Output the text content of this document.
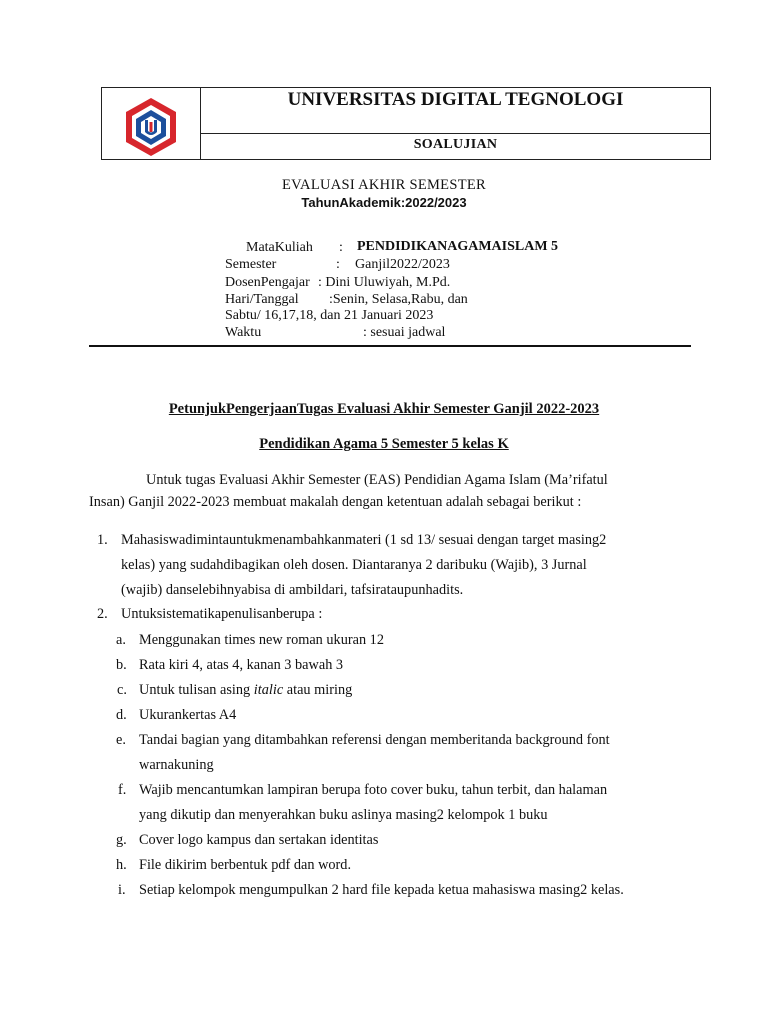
UNIVERSITAS DIGITAL TEGNOLOGI
SOALUJIAN
EVALUASI AKHIR SEMESTER
TahunAkademik:2022/2023
MataKuliah : PENDIDIKANAGAMAISLAM 5
Semester	: Ganjil2022/2023
DosenPengajar : Dini Uluwiyah, M.Pd.
Hari/Tanggal :Senin, Selasa,Rabu, dan
Sabtu/ 16,17,18, dan 21 Januari 2023
Waktu	: sesuai jadwal
PetunjukPengerjaanTugas Evaluasi Akhir Semester Ganjil 2022-2023
Pendidikan Agama 5 Semester 5 kelas K
Untuk tugas Evaluasi Akhir Semester (EAS) Pendidian Agama Islam (Ma’rifatul
Insan) Ganjil 2022-2023 membuat makalah dengan ketentuan adalah sebagai berikut :
1. Mahasiswadimintauntukmenambahkanmateri (1 sd 13/ sesuai dengan target masing2
kelas) yang sudahdibagikan oleh dosen. Diantaranya 2 daribuku (Wajib), 3 Jurnal
(wajib) danselebihnyabisa di ambildari, tafsirataupunhadits.
2. Untuksistematikapenulisanberupa :
a. Menggunakan times new roman ukuran 12
b. Rata kiri 4, atas 4, kanan 3 bawah 3
c. Untuk tulisan asing italic atau miring
d. Ukurankertas A4
e. Tandai bagian yang ditambahkan referensi dengan memberitanda background font
warnakuning
f. Wajib mencantumkan lampiran berupa foto cover buku, tahun terbit, dan halaman
yang dikutip dan menyerahkan buku aslinya masing2 kelompok 1 buku
g. Cover logo kampus dan sertakan identitas
h. File dikirim berbentuk pdf dan word.
i. Setiap kelompok mengumpulkan 2 hard file kepada ketua mahasiswa masing2 kelas.
